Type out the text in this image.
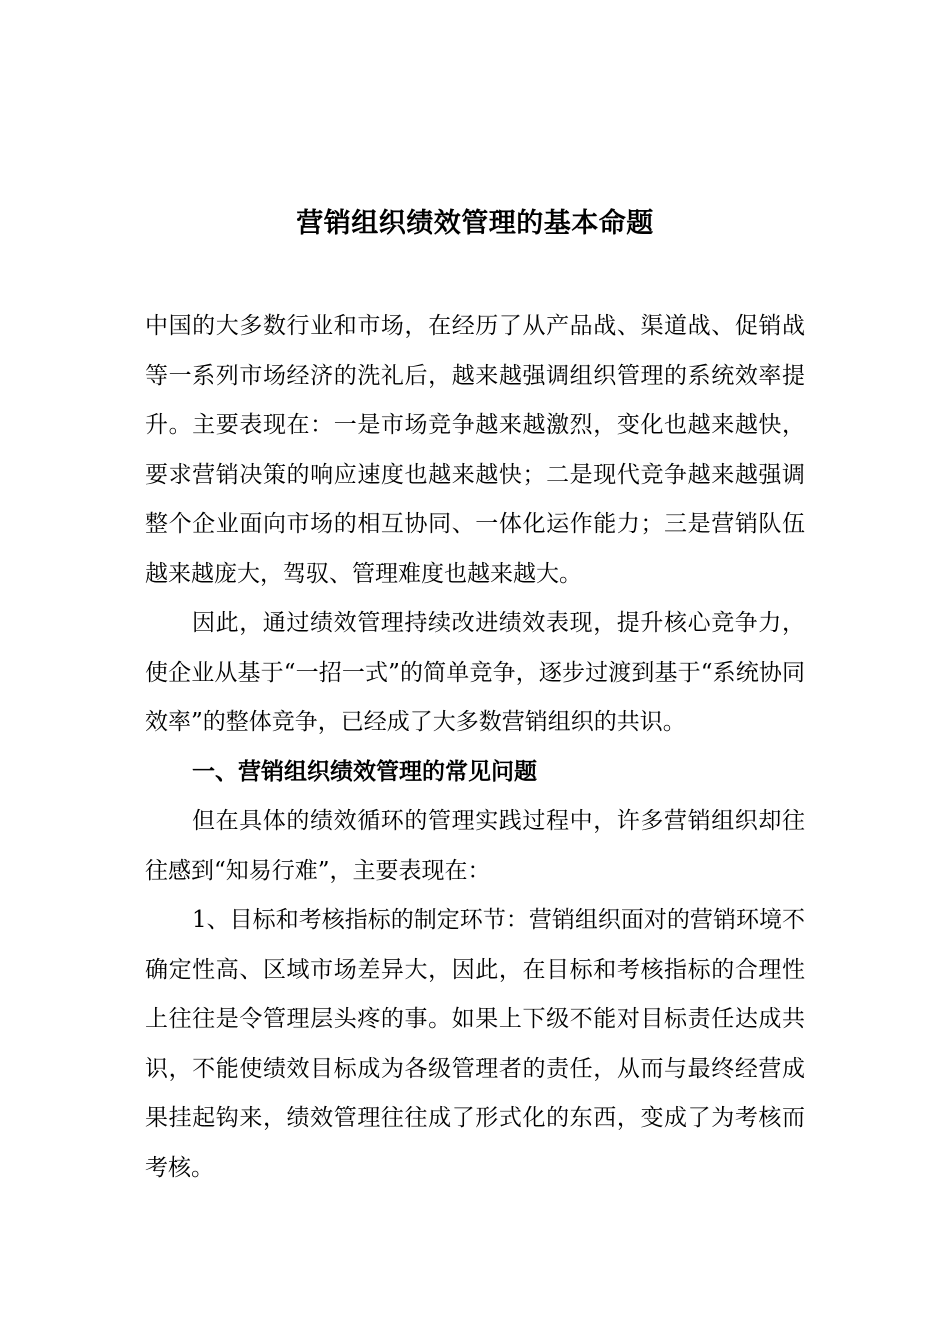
营销组织绩效管理的基本命题

中国的大多数行业和市场，在经历了从产品战、渠道战、促销战等一系列市场经济的洗礼后，越来越强调组织管理的系统效率提升。主要表现在：一是市场竞争越来越激烈，变化也越来越快，要求营销决策的响应速度也越来越快；二是现代竞争越来越强调整个企业面向市场的相互协同、一体化运作能力；三是营销队伍越来越庞大，驾驭、管理难度也越来越大。

因此，通过绩效管理持续改进绩效表现，提升核心竞争力，使企业从基于“一招一式”的简单竞争，逐步过渡到基于“系统协同效率”的整体竞争，已经成了大多数营销组织的共识。

一、营销组织绩效管理的常见问题

但在具体的绩效循环的管理实践过程中，许多营销组织却往往感到“知易行难”，主要表现在：

1、目标和考核指标的制定环节：营销组织面对的营销环境不确定性高、区域市场差异大，因此，在目标和考核指标的合理性上往往是令管理层头疼的事。如果上下级不能对目标责任达成共识，不能使绩效目标成为各级管理者的责任，从而与最终经营成果挂起钩来，绩效管理往往成了形式化的东西，变成了为考核而考核。
